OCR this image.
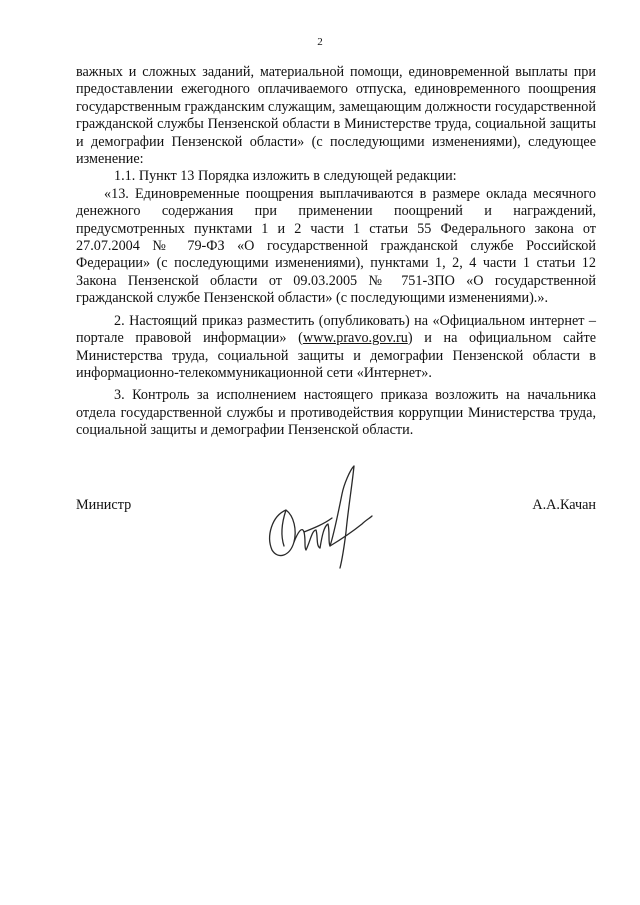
2

важных и сложных заданий, материальной помощи, единовременной выплаты при предоставлении ежегодного оплачиваемого отпуска, единовременного поощрения государственным гражданским служащим, замещающим должности государственной гражданской службы Пензенской области в Министерстве труда, социальной защиты и демографии Пензенской области» (с последующими изменениями), следующее изменение:

1.1. Пункт 13 Порядка изложить в следующей редакции:

«13. Единовременные поощрения выплачиваются в размере оклада месячного денежного содержания при применении поощрений и награждений, предусмотренных пунктами 1 и 2 части 1 статьи 55 Федерального закона от 27.07.2004 № 79-ФЗ «О государственной гражданской службе Российской Федерации» (с последующими изменениями), пунктами 1, 2, 4 части 1 статьи 12 Закона Пензенской области от 09.03.2005 № 751-ЗПО «О государственной гражданской службе Пензенской области» (с последующими изменениями).».

2. Настоящий приказ разместить (опубликовать) на «Официальном интернет – портале правовой информации» (www.pravo.gov.ru) и на официальном сайте Министерства труда, социальной защиты и демографии Пензенской области в информационно-телекоммуникационной сети «Интернет».

3. Контроль за исполнением настоящего приказа возложить на начальника отдела государственной службы и противодействия коррупции Министерства труда, социальной защиты и демографии Пензенской области.

Министр	А.А.Качан
